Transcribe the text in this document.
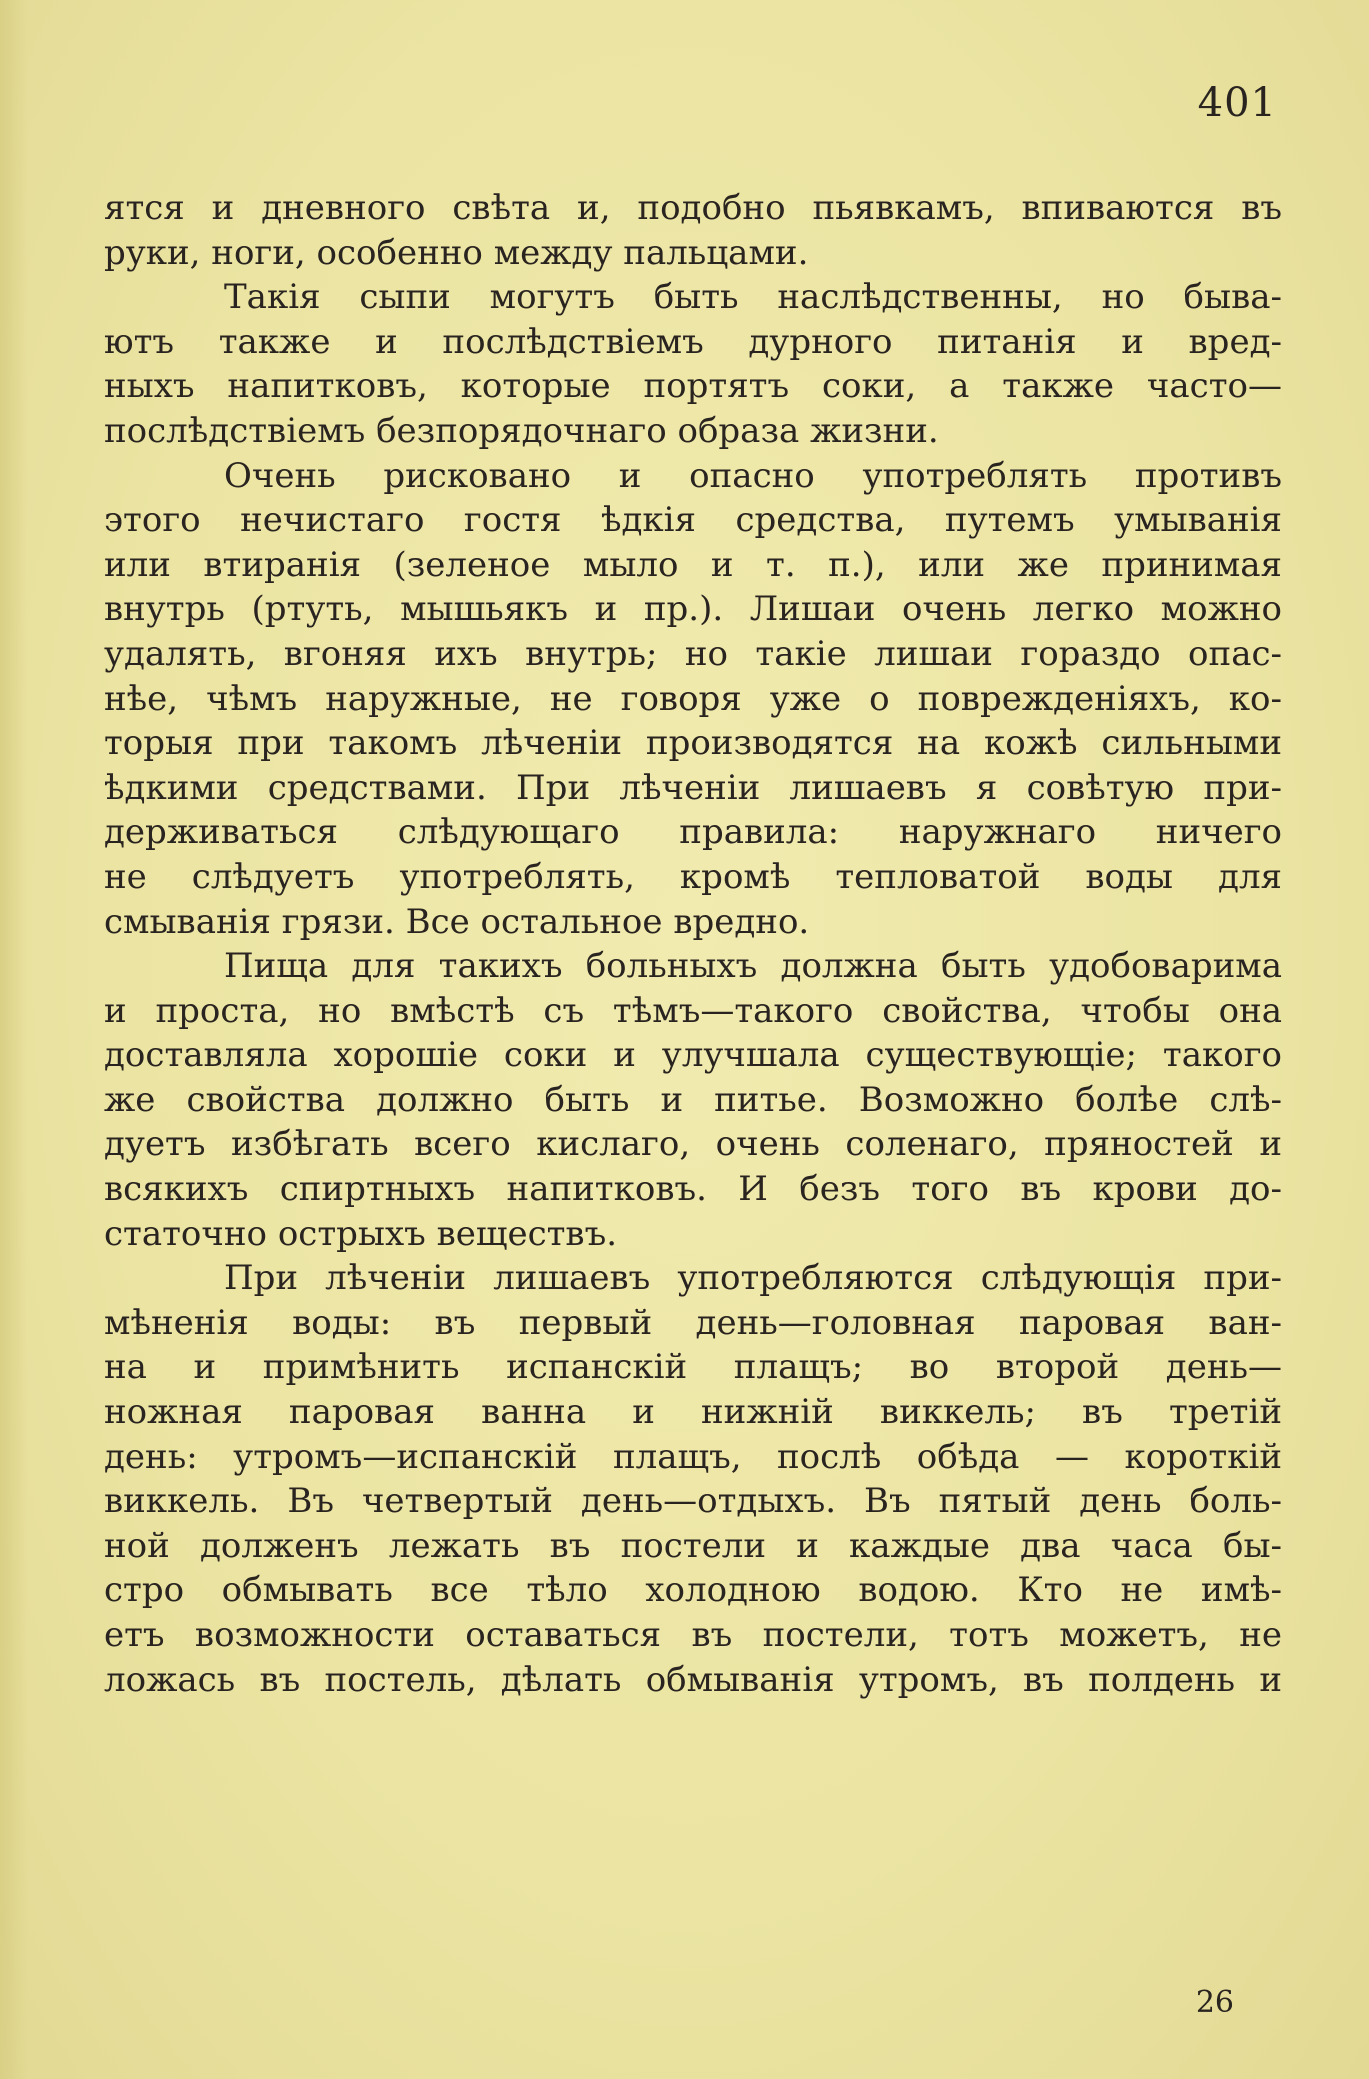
401
ятся и дневного свѣта и, подобно пьявкамъ, впиваются въ
руки, ноги, особенно между пальцами.
Такія сыпи могутъ быть наслѣдственны, но быва-
ютъ также и послѣдствіемъ дурного питанія и вред-
ныхъ напитковъ, которые портятъ соки, а также часто—
послѣдствіемъ безпорядочнаго образа жизни.
Очень рисковано и опасно употреблять противъ
этого нечистаго гостя ѣдкія средства, путемъ умыванія
или втиранія (зеленое мыло и т. п.), или же принимая
внутрь (ртуть, мышьякъ и пр.). Лишаи очень легко можно
удалять, вгоняя ихъ внутрь; но такіе лишаи гораздо опас-
нѣе, чѣмъ наружные, не говоря уже о поврежденіяхъ, ко-
торыя при такомъ лѣченіи производятся на кожѣ сильными
ѣдкими средствами. При лѣченіи лишаевъ я совѣтую при-
держиваться слѣдующаго правила: наружнаго ничего
не слѣдуетъ употреблять, кромѣ тепловатой воды для
смыванія грязи. Все остальное вредно.
Пища для такихъ больныхъ должна быть удобоварима
и проста, но вмѣстѣ съ тѣмъ—такого свойства, чтобы она
доставляла хорошіе соки и улучшала существующіе; такого
же свойства должно быть и питье. Возможно болѣе слѣ-
дуетъ избѣгать всего кислаго, очень соленаго, пряностей и
всякихъ спиртныхъ напитковъ. И безъ того въ крови до-
статочно острыхъ веществъ.
При лѣченіи лишаевъ употребляются слѣдующія при-
мѣненія воды: въ первый день—головная паровая ван-
на и примѣнить испанскій плащъ; во второй день—
ножная паровая ванна и нижній виккель; въ третій
день: утромъ—испанскій плащъ, послѣ обѣда — короткій
виккель. Въ четвертый день—отдыхъ. Въ пятый день боль-
ной долженъ лежать въ постели и каждые два часа бы-
стро обмывать все тѣло холодною водою. Кто не имѣ-
етъ возможности оставаться въ постели, тотъ можетъ, не
ложась въ постель, дѣлать обмыванія утромъ, въ полдень и
26
